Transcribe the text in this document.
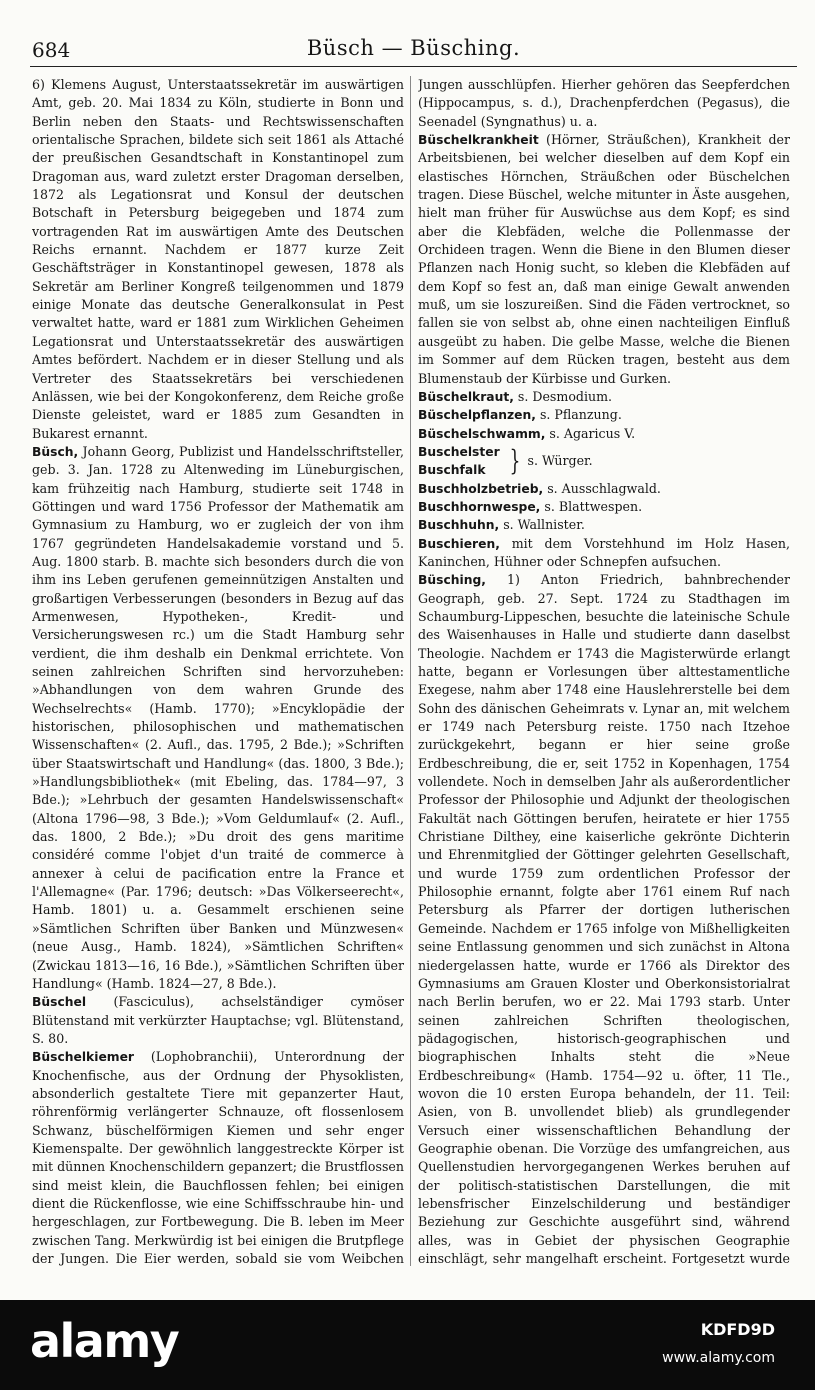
684	Büsch — Büsching.

6) Klemens August, Unterstaatssekretär im auswärtigen Amt, geb. 20. Mai 1834 zu Köln, studierte in Bonn und Berlin neben den Staats- und Rechtswissenschaften orientalische Sprachen, bildete sich seit 1861 als Attaché der preußischen Gesandtschaft in Konstantinopel zum Dragoman aus, ward zuletzt erster Dragoman derselben, 1872 als Legationsrat und Konsul der deutschen Botschaft in Petersburg beigegeben und 1874 zum vortragenden Rat im auswärtigen Amte des Deutschen Reichs ernannt. Nachdem er 1877 kurze Zeit Geschäftsträger in Konstantinopel gewesen, 1878 als Sekretär am Berliner Kongreß teilgenommen und 1879 einige Monate das deutsche Generalkonsulat in Pest verwaltet hatte, ward er 1881 zum Wirklichen Geheimen Legationsrat und Unterstaatssekretär des auswärtigen Amtes befördert. Nachdem er in dieser Stellung und als Vertreter des Staatssekretärs bei verschiedenen Anlässen, wie bei der Kongokonferenz, dem Reiche große Dienste geleistet, ward er 1885 zum Gesandten in Bukarest ernannt.

Büsch, Johann Georg, Publizist und Handelsschriftsteller, geb. 3. Jan. 1728 zu Altenweding im Lüneburgischen, kam frühzeitig nach Hamburg, studierte seit 1748 in Göttingen und ward 1756 Professor der Mathematik am Gymnasium zu Hamburg, wo er zugleich der von ihm 1767 gegründeten Handelsakademie vorstand und 5. Aug. 1800 starb. B. machte sich besonders durch die von ihm ins Leben gerufenen gemeinnützigen Anstalten und großartigen Verbesserungen (besonders in Bezug auf das Armenwesen, Hypotheken-, Kredit- und Versicherungswesen rc.) um die Stadt Hamburg sehr verdient, die ihm deshalb ein Denkmal errichtete. Von seinen zahlreichen Schriften sind hervorzuheben: »Abhandlungen von dem wahren Grunde des Wechselrechts« (Hamb. 1770); »Encyklopädie der historischen, philosophischen und mathematischen Wissenschaften« (2. Aufl., das. 1795, 2 Bde.); »Schriften über Staatswirtschaft und Handlung« (das. 1800, 3 Bde.); »Handlungsbibliothek« (mit Ebeling, das. 1784—97, 3 Bde.); »Lehrbuch der gesamten Handelswissenschaft« (Altona 1796—98, 3 Bde.); »Vom Geldumlauf« (2. Aufl., das. 1800, 2 Bde.); »Du droit des gens maritime considéré comme l'objet d'un traité de commerce à annexer à celui de pacification entre la France et l'Allemagne« (Par. 1796; deutsch: »Das Völkerseerecht«, Hamb. 1801) u. a. Gesammelt erschienen seine »Sämtlichen Schriften über Banken und Münzwesen« (neue Ausg., Hamb. 1824), »Sämtlichen Schriften« (Zwickau 1813—16, 16 Bde.), »Sämtlichen Schriften über Handlung« (Hamb. 1824—27, 8 Bde.).

Büschel (Fasciculus), achselständiger cymöser Blütenstand mit verkürzter Hauptachse; vgl. Blütenstand, S. 80.

Büschelkiemer (Lophobranchii), Unterordnung der Knochenfische, aus der Ordnung der Physoklisten, absonderlich gestaltete Tiere mit gepanzerter Haut, röhrenförmig verlängerter Schnauze, oft flossenlosem Schwanz, büschelförmigen Kiemen und sehr enger Kiemenspalte. Der gewöhnlich langgestreckte Körper ist mit dünnen Knochenschildern gepanzert; die Brustflossen sind meist klein, die Bauchflossen fehlen; bei einigen dient die Rückenflosse, wie eine Schiffsschraube hin- und hergeschlagen, zur Fortbewegung. Die B. leben im Meer zwischen Tang. Merkwürdig ist bei einigen die Brutpflege der Jungen. Die Eier werden, sobald sie vom Weibchen

Jungen ausschlüpfen. Hierher gehören das Seepferdchen (Hippocampus, s. d.), Drachenpferdchen (Pegasus), die Seenadel (Syngnathus) u. a.

Büschelkrankheit (Hörner, Sträußchen), Krankheit der Arbeitsbienen, bei welcher dieselben auf dem Kopf ein elastisches Hörnchen, Sträußchen oder Büschelchen tragen. Diese Büschel, welche mitunter in Äste ausgehen, hielt man früher für Auswüchse aus dem Kopf; es sind aber die Klebfäden, welche die Pollenmasse der Orchideen tragen. Wenn die Biene in den Blumen dieser Pflanzen nach Honig sucht, so kleben die Klebfäden auf dem Kopf so fest an, daß man einige Gewalt anwenden muß, um sie loszureißen. Sind die Fäden vertrocknet, so fallen sie von selbst ab, ohne einen nachteiligen Einfluß ausgeübt zu haben. Die gelbe Masse, welche die Bienen im Sommer auf dem Rücken tragen, besteht aus dem Blumenstaub der Kürbisse und Gurken.

Büschelkraut, s. Desmodium.

Büschelpflanzen, s. Pflanzung.

Büschelschwamm, s. Agaricus V.

Buschelster
Buschfalk } s. Würger.

Buschholzbetrieb, s. Ausschlagwald.

Buschhornwespe, s. Blattwespen.

Buschhuhn, s. Wallnister.

Buschieren, mit dem Vorstehhund im Holz Hasen, Kaninchen, Hühner oder Schnepfen aufsuchen.

Büsching, 1) Anton Friedrich, bahnbrechender Geograph, geb. 27. Sept. 1724 zu Stadthagen im Schaumburg-Lippeschen, besuchte die lateinische Schule des Waisenhauses in Halle und studierte dann daselbst Theologie. Nachdem er 1743 die Magisterwürde erlangt hatte, begann er Vorlesungen über alttestamentliche Exegese, nahm aber 1748 eine Hauslehrerstelle bei dem Sohn des dänischen Geheimrats v. Lynar an, mit welchem er 1749 nach Petersburg reiste. 1750 nach Itzehoe zurückgekehrt, begann er hier seine große Erdbeschreibung, die er, seit 1752 in Kopenhagen, 1754 vollendete. Noch in demselben Jahr als außerordentlicher Professor der Philosophie und Adjunkt der theologischen Fakultät nach Göttingen berufen, heiratete er hier 1755 Christiane Dilthey, eine kaiserliche gekrönte Dichterin und Ehrenmitglied der Göttinger gelehrten Gesellschaft, und wurde 1759 zum ordentlichen Professor der Philosophie ernannt, folgte aber 1761 einem Ruf nach Petersburg als Pfarrer der dortigen lutherischen Gemeinde. Nachdem er 1765 infolge von Mißhelligkeiten seine Entlassung genommen und sich zunächst in Altona niedergelassen hatte, wurde er 1766 als Direktor des Gymnasiums am Grauen Kloster und Oberkonsistorialrat nach Berlin berufen, wo er 22. Mai 1793 starb. Unter seinen zahlreichen Schriften theologischen, pädagogischen, historisch-geographischen und biographischen Inhalts steht die »Neue Erdbeschreibung« (Hamb. 1754—92 u. öfter, 11 Tle., wovon die 10 ersten Europa behandeln, der 11. Teil: Asien, von B. unvollendet blieb) als grundlegender Versuch einer wissenschaftlichen Behandlung der Geographie obenan. Die Vorzüge des umfangreichen, aus Quellenstudien hervorgegangenen Werkes beruhen auf der politisch-statistischen Darstellungen, die mit lebensfrischer Einzelschilderung und beständiger Beziehung zur Geschichte ausgeführt sind, während alles, was in Gebiet der physischen Geographie einschlägt, sehr mangelhaft erscheint. Fortgesetzt wurde

alamy	KDFD9D
www.alamy.com
